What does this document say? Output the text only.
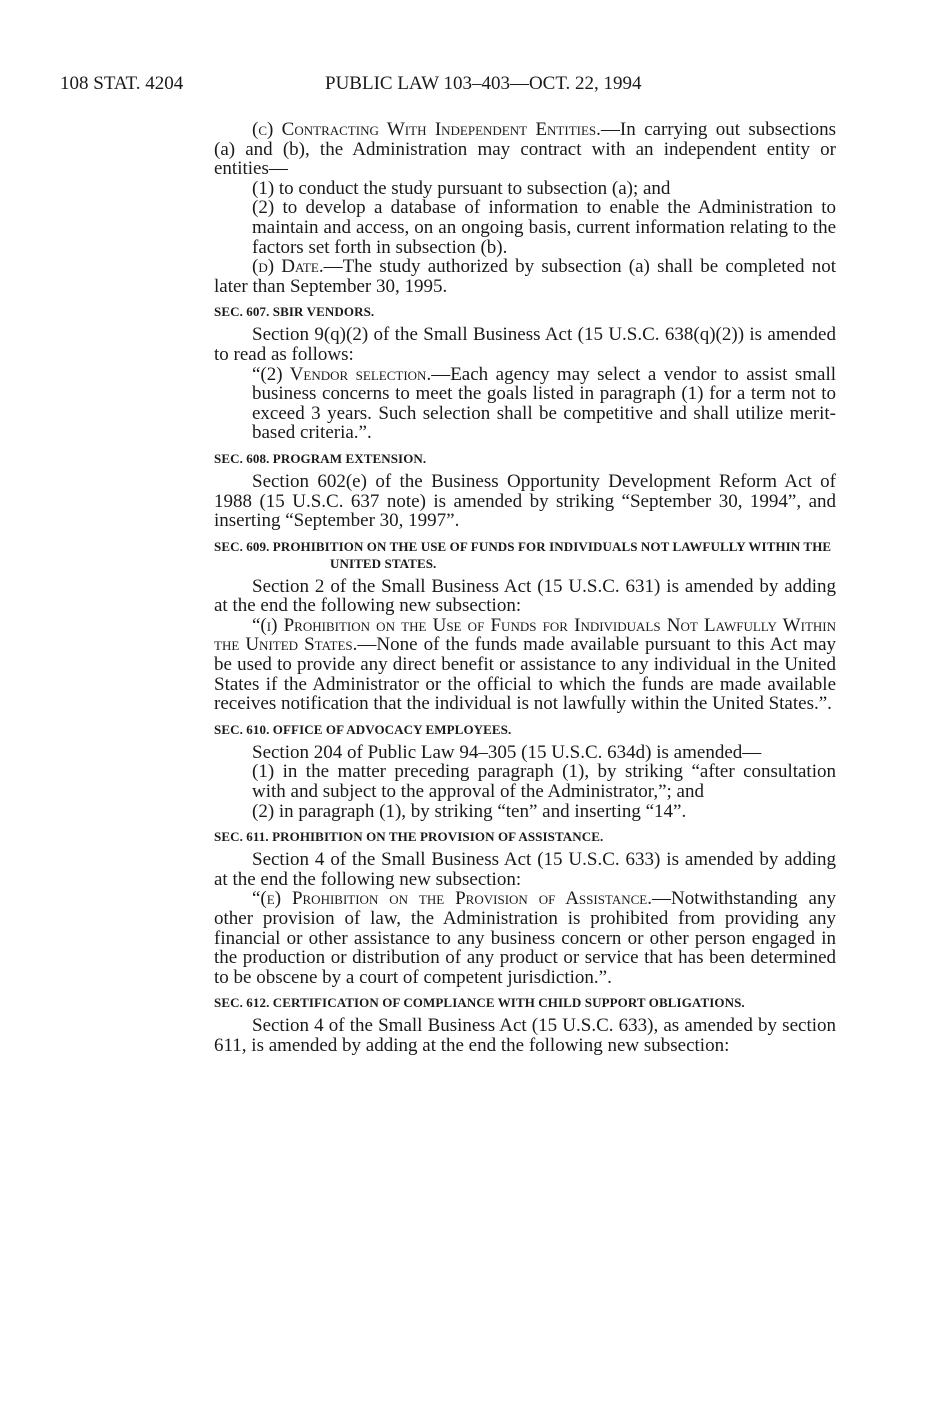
108 STAT. 4204	PUBLIC LAW 103–403—OCT. 22, 1994

(c) Contracting With Independent Entities.—In carrying out subsections (a) and (b), the Administration may contract with an independent entity or entities—

(1) to conduct the study pursuant to subsection (a); and

(2) to develop a database of information to enable the Administration to maintain and access, on an ongoing basis, current information relating to the factors set forth in subsection (b).

(d) Date.—The study authorized by subsection (a) shall be completed not later than September 30, 1995.

SEC. 607. SBIR VENDORS.

Section 9(q)(2) of the Small Business Act (15 U.S.C. 638(q)(2)) is amended to read as follows:

“(2) Vendor selection.—Each agency may select a vendor to assist small business concerns to meet the goals listed in paragraph (1) for a term not to exceed 3 years. Such selection shall be competitive and shall utilize merit-based criteria.”.

SEC. 608. PROGRAM EXTENSION.

Section 602(e) of the Business Opportunity Development Reform Act of 1988 (15 U.S.C. 637 note) is amended by striking “September 30, 1994”, and inserting “September 30, 1997”.

SEC. 609. PROHIBITION ON THE USE OF FUNDS FOR INDIVIDUALS NOT LAWFULLY WITHIN THE UNITED STATES.

Section 2 of the Small Business Act (15 U.S.C. 631) is amended by adding at the end the following new subsection:

“(i) Prohibition on the Use of Funds for Individuals Not Lawfully Within the United States.—None of the funds made available pursuant to this Act may be used to provide any direct benefit or assistance to any individual in the United States if the Administrator or the official to which the funds are made available receives notification that the individual is not lawfully within the United States.”.

SEC. 610. OFFICE OF ADVOCACY EMPLOYEES.

Section 204 of Public Law 94–305 (15 U.S.C. 634d) is amended—

(1) in the matter preceding paragraph (1), by striking “after consultation with and subject to the approval of the Administrator,”; and

(2) in paragraph (1), by striking “ten” and inserting “14”.

SEC. 611. PROHIBITION ON THE PROVISION OF ASSISTANCE.

Section 4 of the Small Business Act (15 U.S.C. 633) is amended by adding at the end the following new subsection:

“(e) Prohibition on the Provision of Assistance.—Notwithstanding any other provision of law, the Administration is prohibited from providing any financial or other assistance to any business concern or other person engaged in the production or distribution of any product or service that has been determined to be obscene by a court of competent jurisdiction.”.

SEC. 612. CERTIFICATION OF COMPLIANCE WITH CHILD SUPPORT OBLIGATIONS.

Section 4 of the Small Business Act (15 U.S.C. 633), as amended by section 611, is amended by adding at the end the following new subsection:
